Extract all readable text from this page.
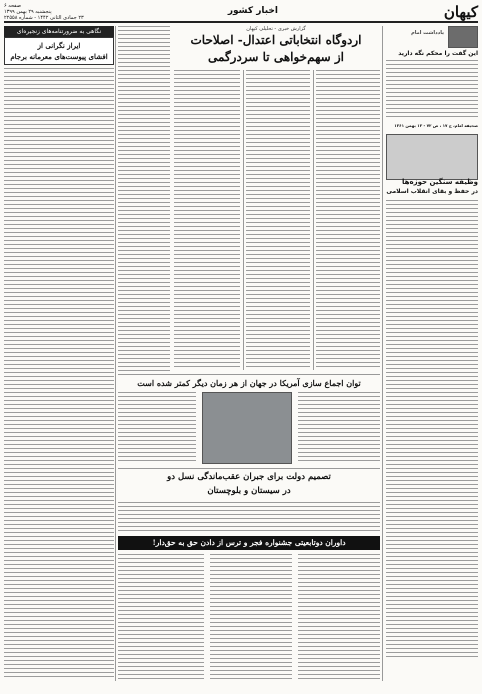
کیهان
اخبار کشور
صفحه ۶
پنجشنبه ۲۹ بهمن ۱۳۹۹
۲۳ جمادی الثانی ۱۴۴۲ - شماره ۲۲۵۵۸
یادداشت امام
این گفت را محکم نگه دارید
صحیفه امام، ج ۱۷ ، ص ۷۲ - ۱۳ بهمن ۱۳۶۱
وظیفه سنگین حوزه‌ها
در حفظ و بقای انقلاب اسلامی
گزارش خبری - تحلیلی کیهان
اردوگاه انتخاباتی اعتدال- اصلاحات
از سهم‌خواهی تا سردرگمی
توان اجماع سازی آمریکا در جهان از هر زمان دیگر کمتر شده است
تصمیم دولت برای جبران عقب‌ماندگی نسل دو
در سیستان و بلوچستان
داوران دوتابعیتی جشنواره فجر و ترس از دادن حق به حق‌دار!
نگاهی به ضرورتنامه‌های زنجیره‌ای
ایراز نگرانی از
افشای پیوست‌های معرمانه برجام
